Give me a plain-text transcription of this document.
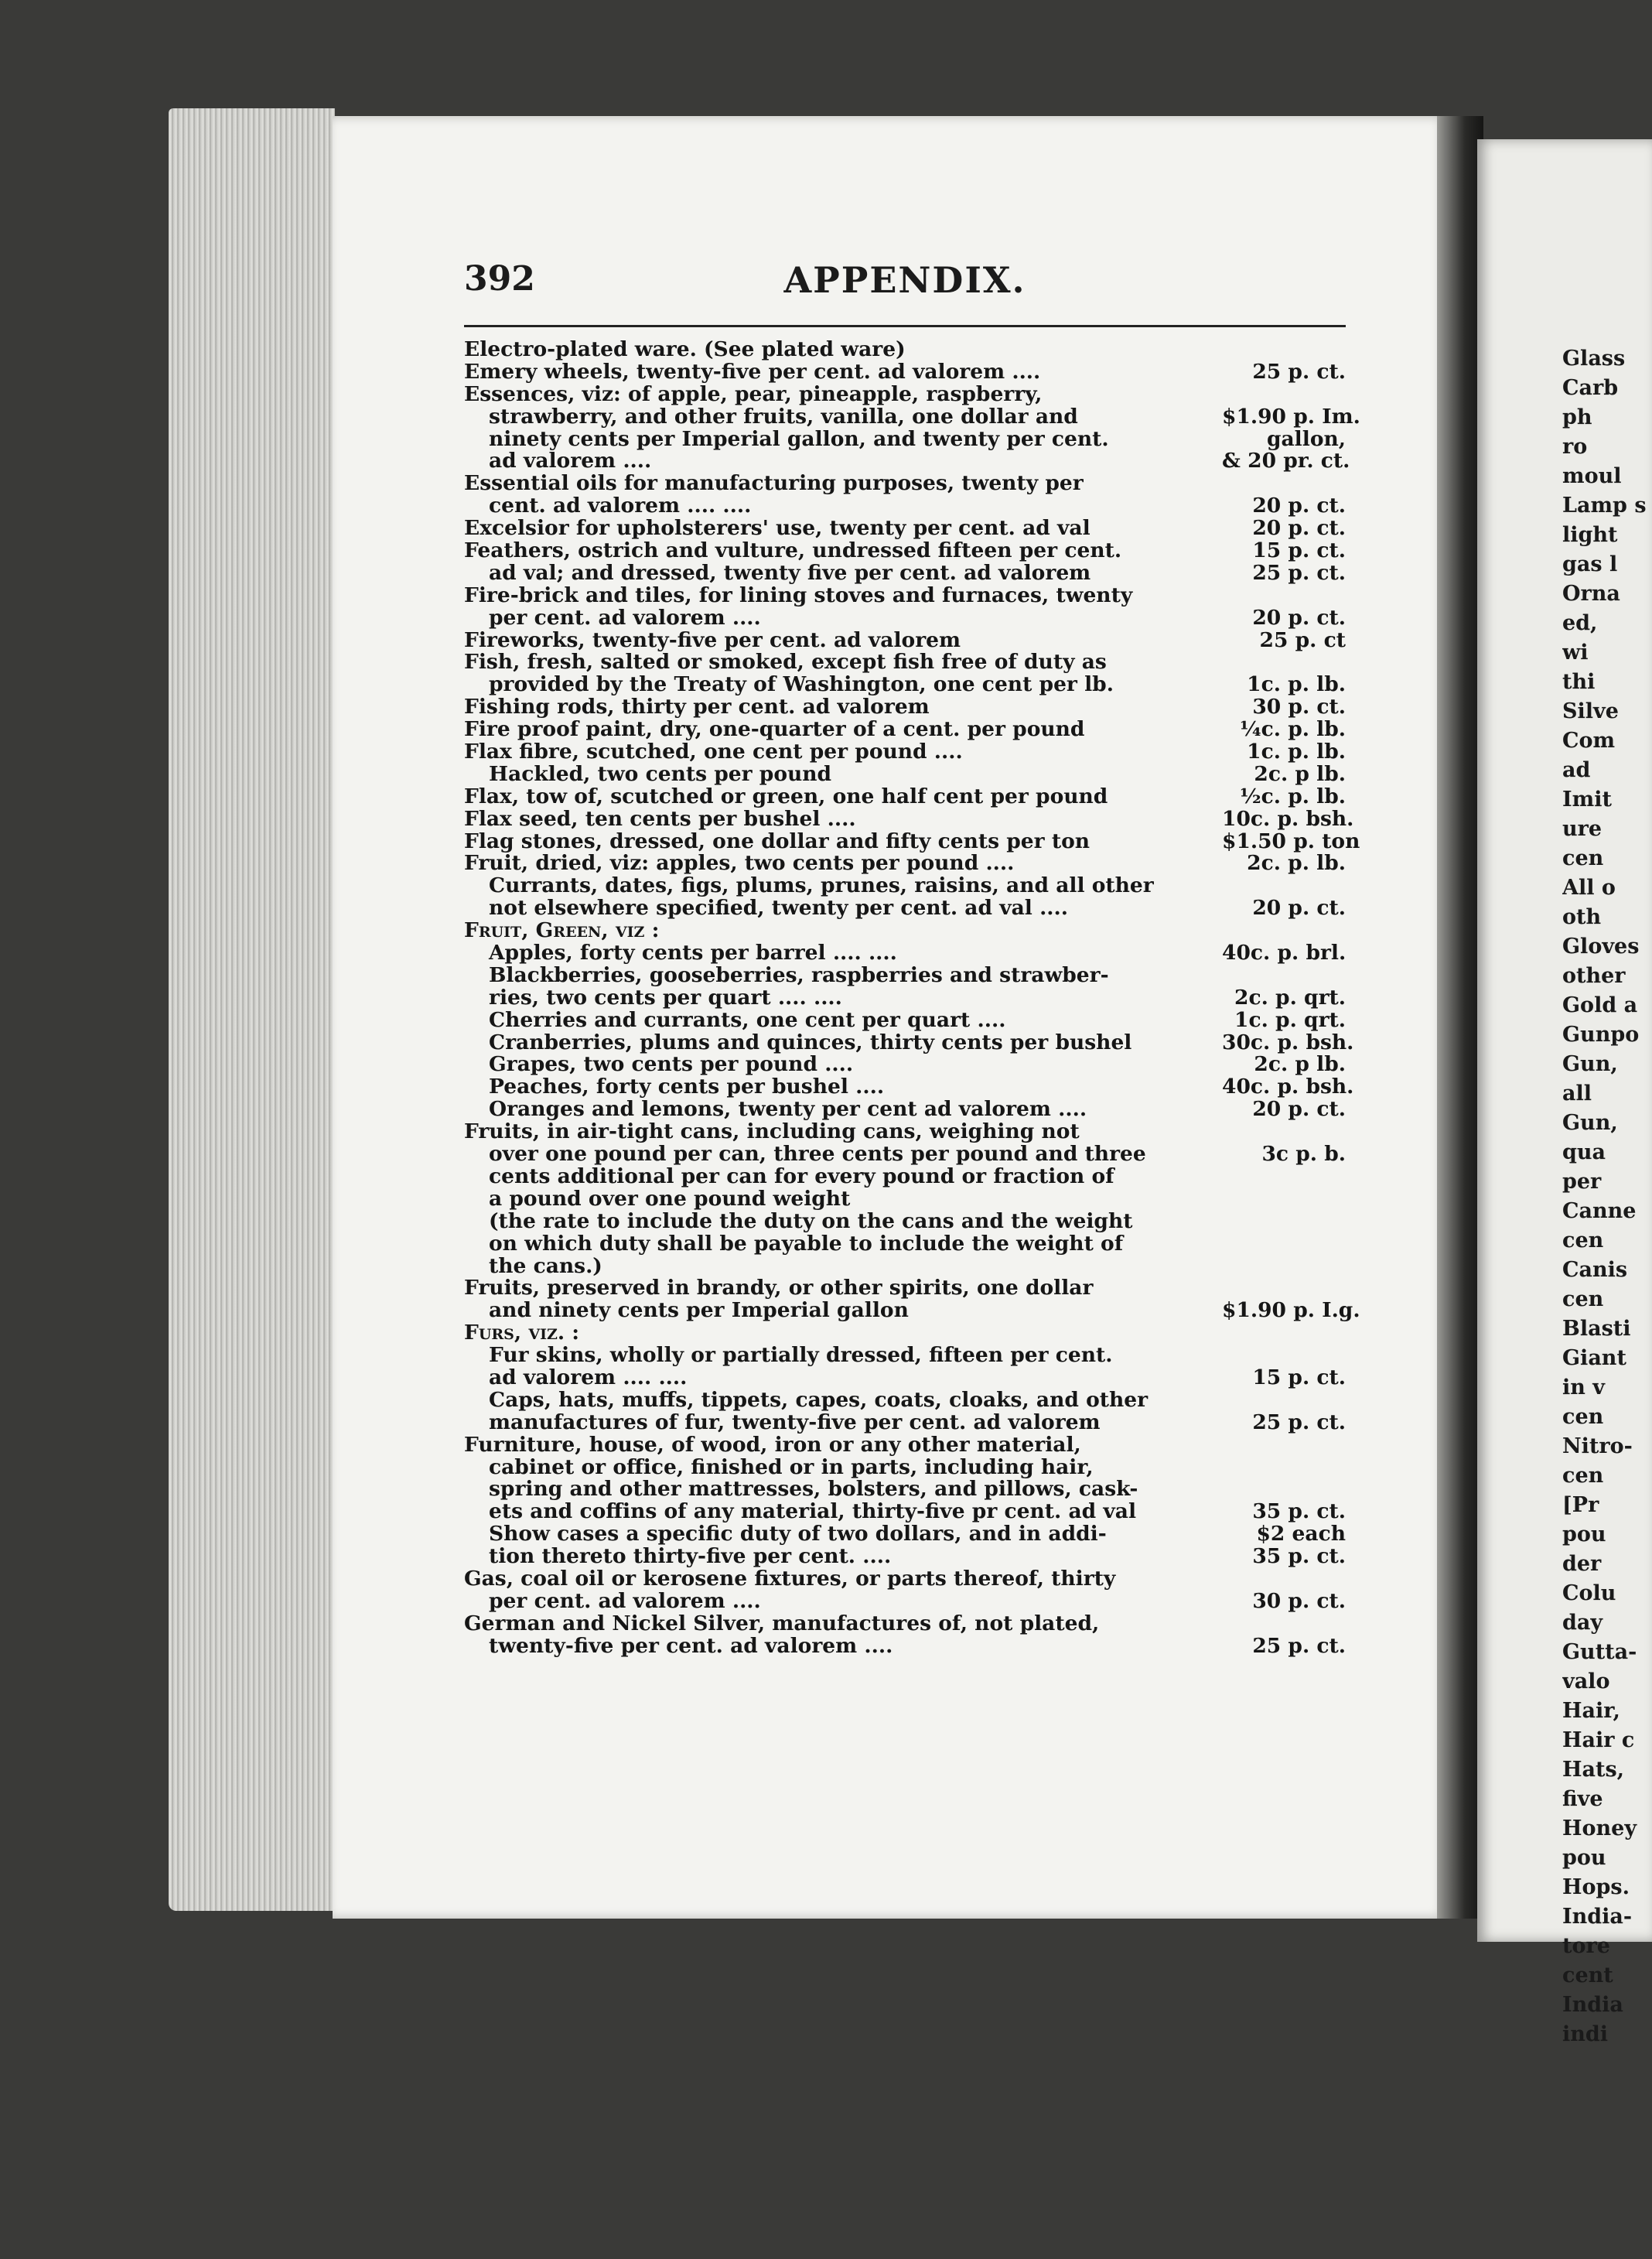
392	APPENDIX.
Electro-plated ware. (See plated ware)
Emery wheels, twenty-five per cent. ad valorem ....	25 p. ct.
Essences, viz: of apple, pear, pineapple, raspberry,
strawberry, and other fruits, vanilla, one dollar and	$1.90 p. Im.
ninety cents per Imperial gallon, and twenty per cent.	gallon,
ad valorem ....	& 20 pr. ct.
Essential oils for manufacturing purposes, twenty per
cent. ad valorem .... ....	20 p. ct.
Excelsior for upholsterers' use, twenty per cent. ad val	20 p. ct.
Feathers, ostrich and vulture, undressed fifteen per cent.	15 p. ct.
ad val; and dressed, twenty five per cent. ad valorem	25 p. ct.
Fire-brick and tiles, for lining stoves and furnaces, twenty
per cent. ad valorem ....	20 p. ct.
Fireworks, twenty-five per cent. ad valorem	25 p. ct
Fish, fresh, salted or smoked, except fish free of duty as
provided by the Treaty of Washington, one cent per lb.	1c. p. lb.
Fishing rods, thirty per cent. ad valorem	30 p. ct.
Fire proof paint, dry, one-quarter of a cent. per pound	¼c. p. lb.
Flax fibre, scutched, one cent per pound ....	1c. p. lb.
Hackled, two cents per pound	2c. p lb.
Flax, tow of, scutched or green, one half cent per pound	½c. p. lb.
Flax seed, ten cents per bushel ....	10c. p. bsh.
Flag stones, dressed, one dollar and fifty cents per ton	$1.50 p. ton
Fruit, dried, viz: apples, two cents per pound ....	2c. p. lb.
Currants, dates, figs, plums, prunes, raisins, and all other
not elsewhere specified, twenty per cent. ad val ....	20 p. ct.
Fruit, Green, viz :
Apples, forty cents per barrel .... ....	40c. p. brl.
Blackberries, gooseberries, raspberries and strawber-
ries, two cents per quart .... ....	2c. p. qrt.
Cherries and currants, one cent per quart ....	1c. p. qrt.
Cranberries, plums and quinces, thirty cents per bushel	30c. p. bsh.
Grapes, two cents per pound ....	2c. p lb.
Peaches, forty cents per bushel ....	40c. p. bsh.
Oranges and lemons, twenty per cent ad valorem ....	20 p. ct.
Fruits, in air-tight cans, including cans, weighing not
over one pound per can, three cents per pound and three	3c p. b.
cents additional per can for every pound or fraction of
a pound over one pound weight
(the rate to include the duty on the cans and the weight
on which duty shall be payable to include the weight of
the cans.)
Fruits, preserved in brandy, or other spirits, one dollar
and ninety cents per Imperial gallon	$1.90 p. I.g.
Furs, viz. :
Fur skins, wholly or partially dressed, fifteen per cent.
ad valorem .... ....	15 p. ct.
Caps, hats, muffs, tippets, capes, coats, cloaks, and other
manufactures of fur, twenty-five per cent. ad valorem	25 p. ct.
Furniture, house, of wood, iron or any other material,
cabinet or office, finished or in parts, including hair,
spring and other mattresses, bolsters, and pillows, cask-
ets and coffins of any material, thirty-five pr cent. ad val	35 p. ct.
Show cases a specific duty of two dollars, and in addi-	$2 each
tion thereto thirty-five per cent. ....	35 p. ct.
Gas, coal oil or kerosene fixtures, or parts thereof, thirty
per cent. ad valorem ....	30 p. ct.
German and Nickel Silver, manufactures of, not plated,
twenty-five per cent. ad valorem ....	25 p. ct.
Glass
Carb
ph
ro
moul
Lamp s
light
gas l
Orna
ed,
wi
thi
Silve
Com
ad
Imit
ure
cen
All o
oth
Gloves
other
Gold a
Gunpo
Gun,
all
Gun,
qua
per
Canne
cen
Canis
cen
Blasti
Giant
in v
cen
Nitro-
cen
[Pr
pou
der
Colu
day
Gutta-
valo
Hair,
Hair c
Hats,
five
Honey
pou
Hops.
India-
tore
cent
India
indi
